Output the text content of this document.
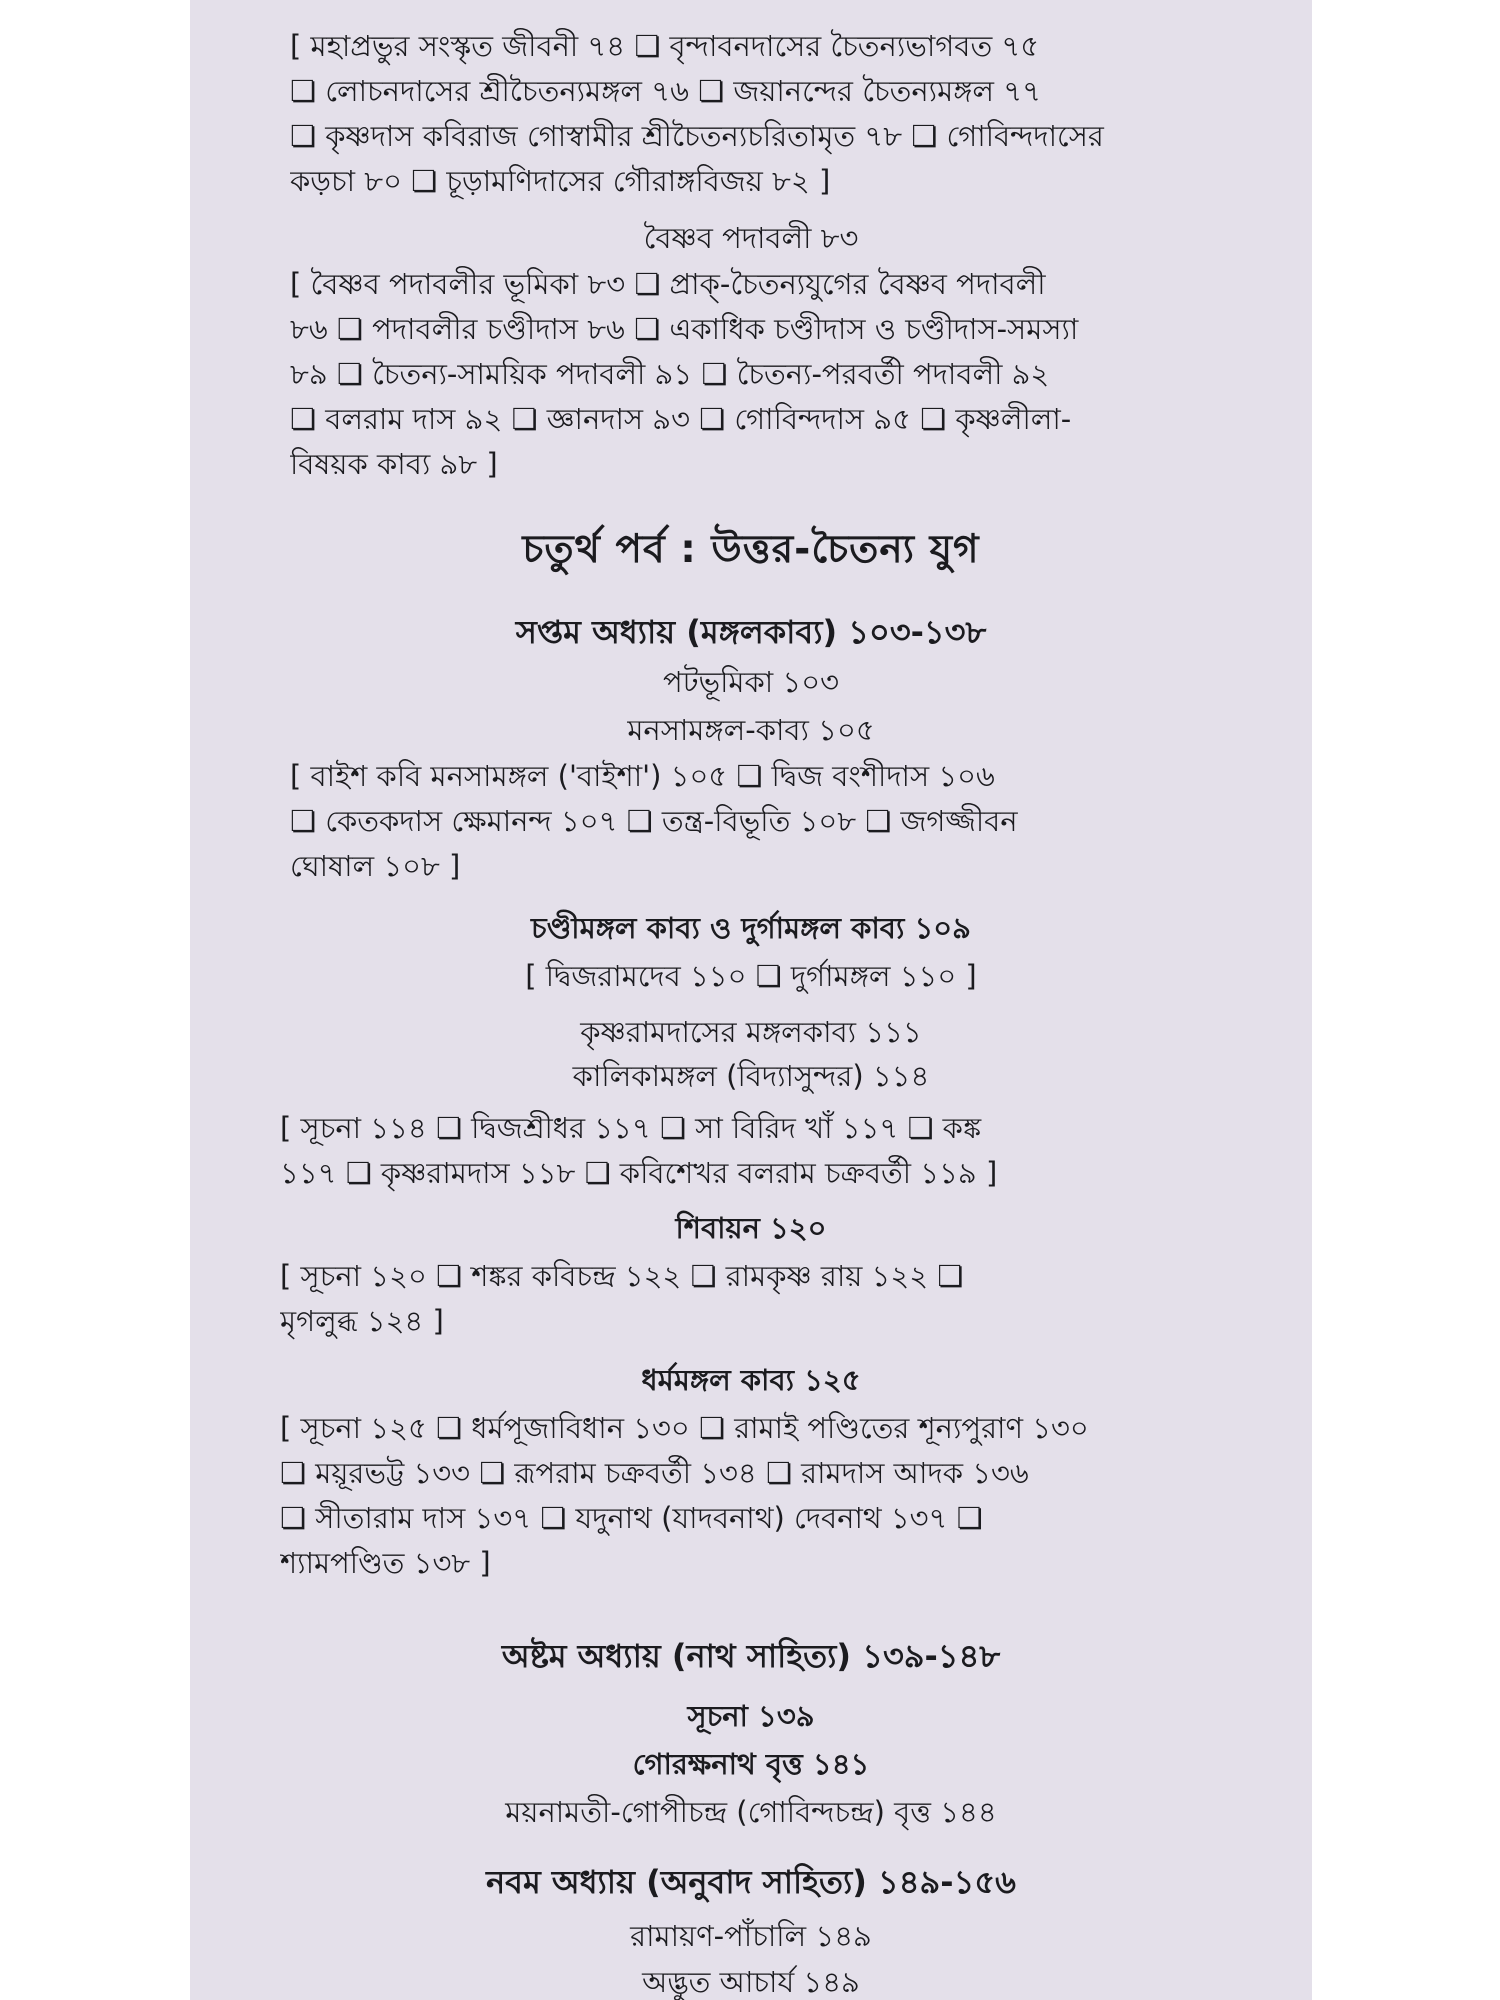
[ মহাপ্রভুর সংস্কৃত জীবনী ৭৪ ❏ বৃন্দাবনদাসের চৈতন্যভাগবত ৭৫
❏ লোচনদাসের শ্রীচৈতন্যমঙ্গল ৭৬ ❏ জয়ানন্দের চৈতন্যমঙ্গল ৭৭
❏ কৃষ্ণদাস কবিরাজ গোস্বামীর শ্রীচৈতন্যচরিতামৃত ৭৮ ❏ গোবিন্দদাসের
কড়চা ৮০ ❏ চূড়ামণিদাসের গৌরাঙ্গবিজয় ৮২ ]
বৈষ্ণব পদাবলী ৮৩
[ বৈষ্ণব পদাবলীর ভূমিকা ৮৩ ❏ প্রাক্-চৈতন্যযুগের বৈষ্ণব পদাবলী
৮৬ ❏ পদাবলীর চণ্ডীদাস ৮৬ ❏ একাধিক চণ্ডীদাস ও চণ্ডীদাস-সমস্যা
৮৯ ❏ চৈতন্য-সাময়িক পদাবলী ৯১ ❏ চৈতন্য-পরবর্তী পদাবলী ৯২
❏ বলরাম দাস ৯২ ❏ জ্ঞানদাস ৯৩ ❏ গোবিন্দদাস ৯৫ ❏ কৃষ্ণলীলা-
বিষয়ক কাব্য ৯৮ ]
চতুর্থ পর্ব : উত্তর-চৈতন্য যুগ
সপ্তম অধ্যায় (মঙ্গলকাব্য) ১০৩-১৩৮
পটভূমিকা ১০৩
মনসামঙ্গল-কাব্য ১০৫
[ বাইশ কবি মনসামঙ্গল ('বাইশা') ১০৫ ❏ দ্বিজ বংশীদাস ১০৬
❏ কেতকদাস ক্ষেমানন্দ ১০৭ ❏ তন্ত্র-বিভূতি ১০৮ ❏ জগজ্জীবন
ঘোষাল ১০৮ ]
চণ্ডীমঙ্গল কাব্য ও দুর্গামঙ্গল কাব্য ১০৯
[ দ্বিজরামদেব ১১০ ❏ দুর্গামঙ্গল ১১০ ]
কৃষ্ণরামদাসের মঙ্গলকাব্য ১১১
কালিকামঙ্গল (বিদ্যাসুন্দর) ১১৪
[ সূচনা ১১৪ ❏ দ্বিজশ্রীধর ১১৭ ❏ সা বিরিদ খাঁ ১১৭ ❏ কঙ্ক
১১৭ ❏ কৃষ্ণরামদাস ১১৮ ❏ কবিশেখর বলরাম চক্রবর্তী ১১৯ ]
শিবায়ন ১২০
[ সূচনা ১২০ ❏ শঙ্কর কবিচন্দ্র ১২২ ❏ রামকৃষ্ণ রায় ১২২ ❏
মৃগলুব্ধ ১২৪ ]
ধর্মমঙ্গল কাব্য ১২৫
[ সূচনা ১২৫ ❏ ধর্মপূজাবিধান ১৩০ ❏ রামাই পণ্ডিতের শূন্যপুরাণ ১৩০
❏ ময়ূরভট্ট ১৩৩ ❏ রূপরাম চক্রবর্তী ১৩৪ ❏ রামদাস আদক ১৩৬
❏ সীতারাম দাস ১৩৭ ❏ যদুনাথ (যাদবনাথ) দেবনাথ ১৩৭ ❏
শ্যামপণ্ডিত ১৩৮ ]
অষ্টম অধ্যায় (নাথ সাহিত্য) ১৩৯-১৪৮
সূচনা ১৩৯
গোরক্ষনাথ বৃত্ত ১৪১
ময়নামতী-গোপীচন্দ্র (গোবিন্দচন্দ্র) বৃত্ত ১৪৪
নবম অধ্যায় (অনুবাদ সাহিত্য) ১৪৯-১৫৬
রামায়ণ-পাঁচালি ১৪৯
অদ্ভুত আচার্য ১৪৯
